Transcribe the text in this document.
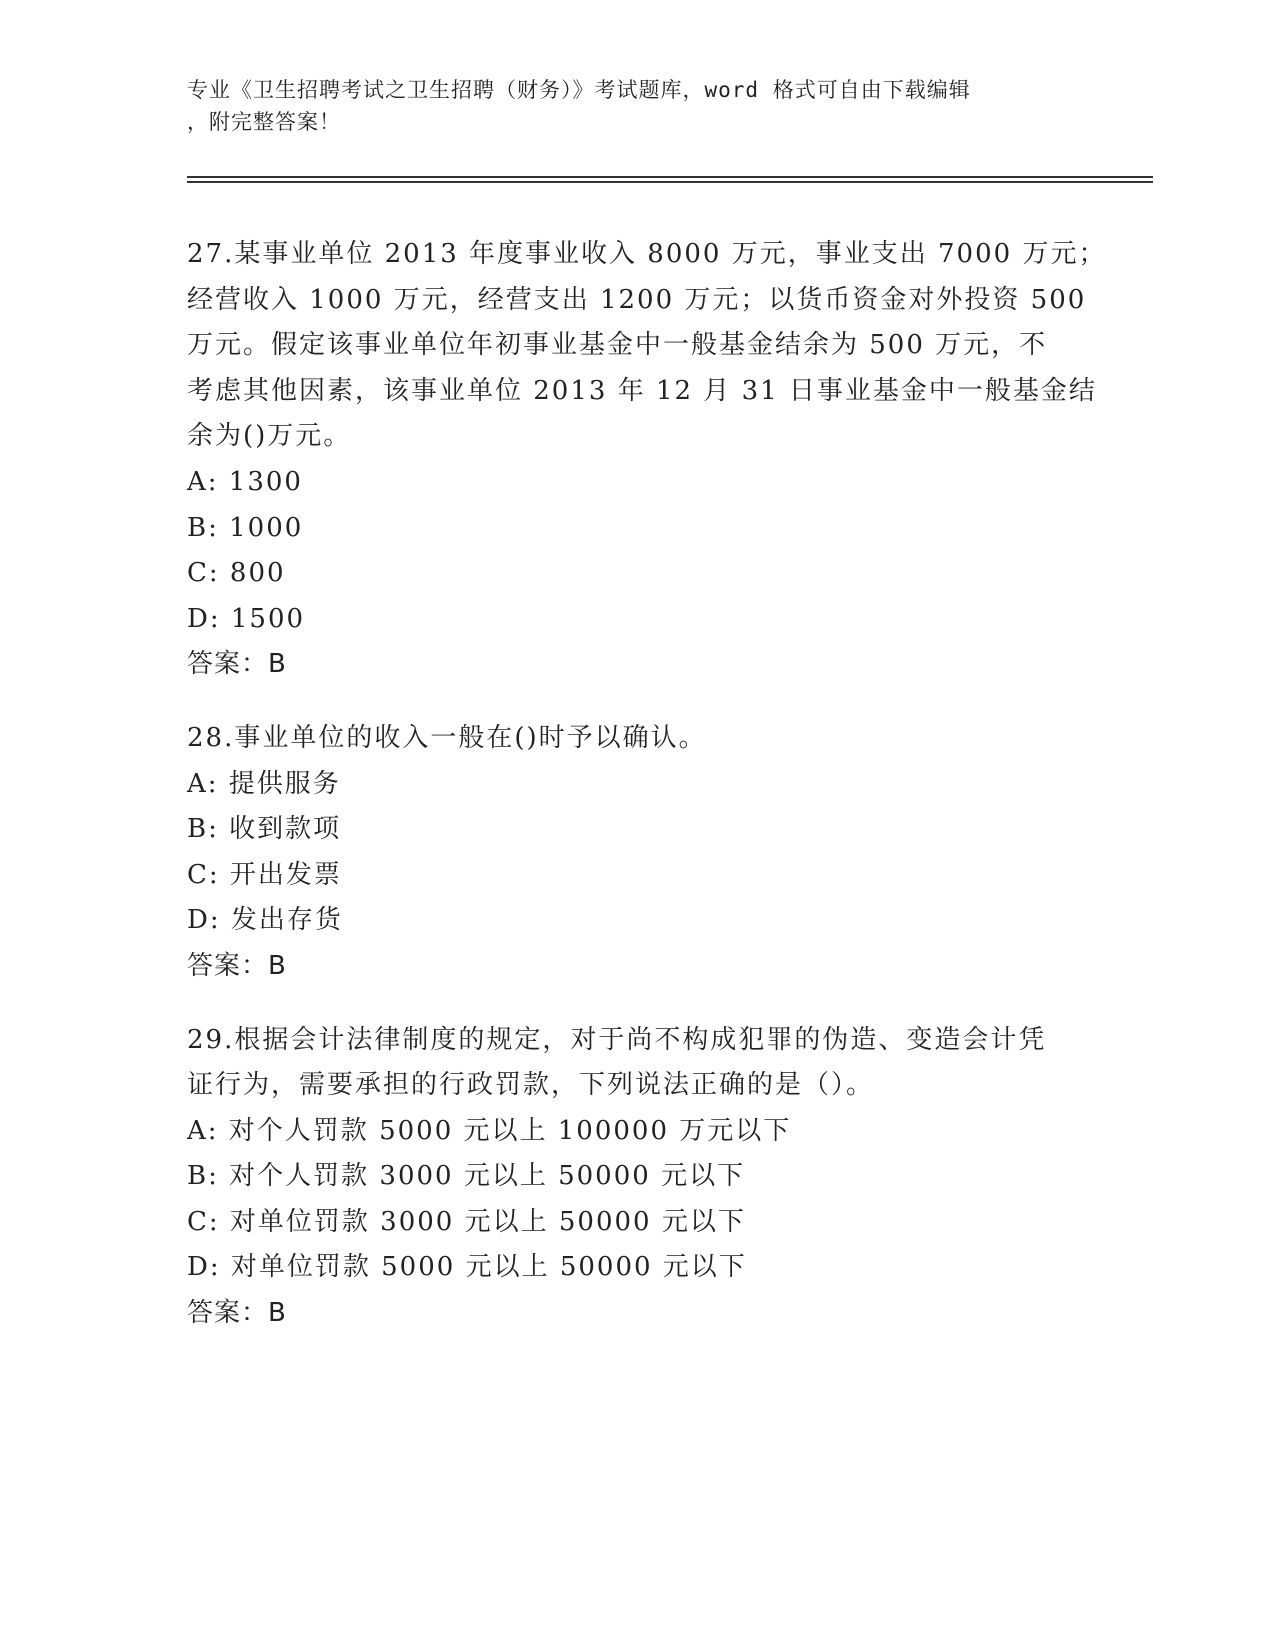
专业《卫生招聘考试之卫生招聘（财务）》考试题库，word 格式可自由下载编辑
，附完整答案！
27.某事业单位 2013 年度事业收入 8000 万元，事业支出 7000 万元；
经营收入 1000 万元，经营支出 1200 万元；以货币资金对外投资 500
万元。假定该事业单位年初事业基金中一般基金结余为 500 万元，不
考虑其他因素，该事业单位 2013 年 12 月 31 日事业基金中一般基金结
余为()万元。
A: 1300
B: 1000
C: 800
D: 1500
答案：B
28.事业单位的收入一般在()时予以确认。
A: 提供服务
B: 收到款项
C: 开出发票
D: 发出存货
答案：B
29.根据会计法律制度的规定，对于尚不构成犯罪的伪造、变造会计凭
证行为，需要承担的行政罚款，下列说法正确的是（）。
A: 对个人罚款 5000 元以上 100000 万元以下
B: 对个人罚款 3000 元以上 50000 元以下
C: 对单位罚款 3000 元以上 50000 元以下
D: 对单位罚款 5000 元以上 50000 元以下
答案：B
